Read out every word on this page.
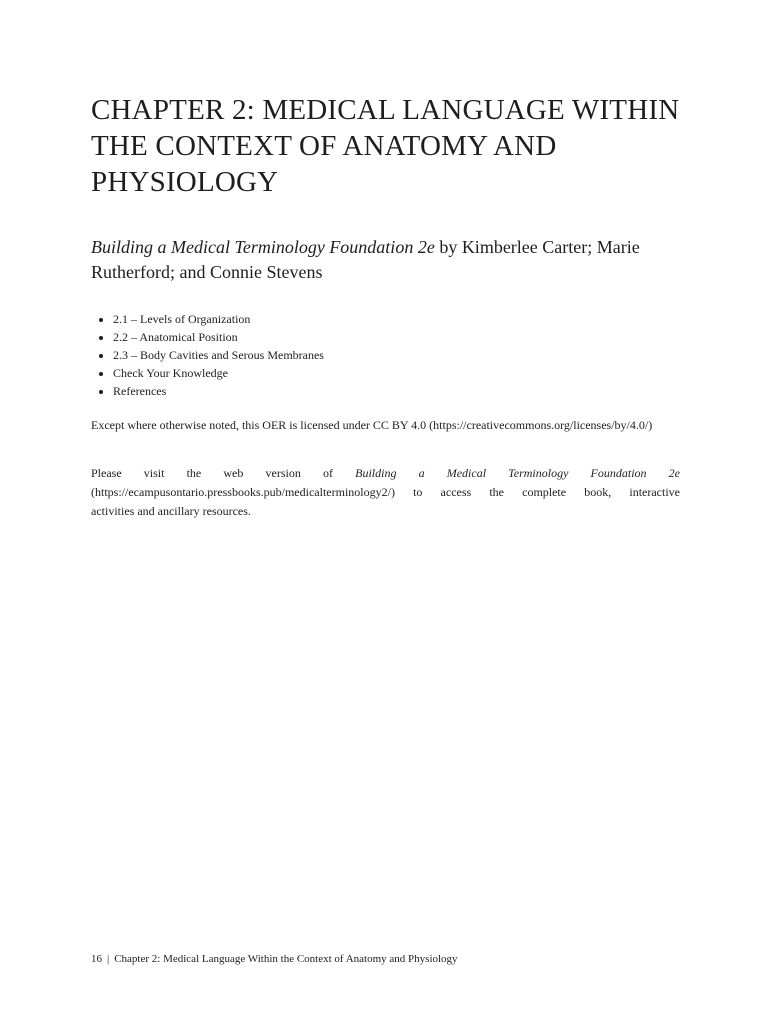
CHAPTER 2: MEDICAL LANGUAGE WITHIN THE CONTEXT OF ANATOMY AND PHYSIOLOGY

Building a Medical Terminology Foundation 2e by Kimberlee Carter; Marie Rutherford; and Connie Stevens

• 2.1 – Levels of Organization
• 2.2 – Anatomical Position
• 2.3 – Body Cavities and Serous Membranes
• Check Your Knowledge
• References

Except where otherwise noted, this OER is licensed under CC BY 4.0 (https://creativecommons.org/licenses/by/4.0/)

Please visit the web version of Building a Medical Terminology Foundation 2e
(https://ecampusontario.pressbooks.pub/medicalterminology2/) to access the complete book, interactive
activities and ancillary resources.

16 | Chapter 2: Medical Language Within the Context of Anatomy and Physiology
